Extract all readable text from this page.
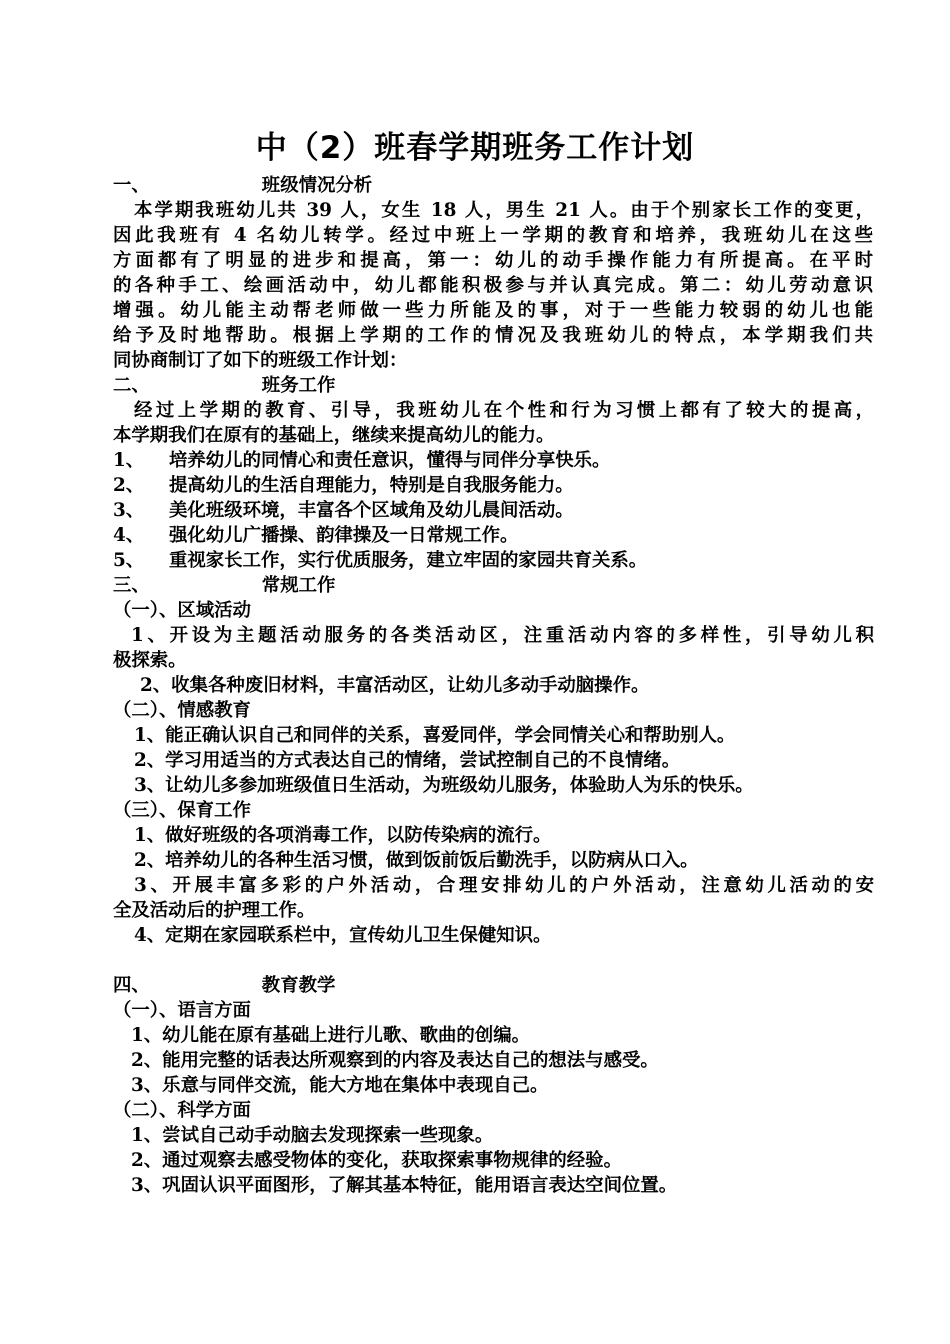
中（2）班春学期班务工作计划
一、	班级情况分析
本学期我班幼儿共 39 人，女生 18 人，男生 21 人。由于个别家长工作的变更，
因此我班有 4 名幼儿转学。经过中班上一学期的教育和培养，我班幼儿在这些
方面都有了明显的进步和提高，第一：幼儿的动手操作能力有所提高。在平时
的各种手工、绘画活动中，幼儿都能积极参与并认真完成。第二：幼儿劳动意识
增强。幼儿能主动帮老师做一些力所能及的事，对于一些能力较弱的幼儿也能
给予及时地帮助。根据上学期的工作的情况及我班幼儿的特点，本学期我们共
同协商制订了如下的班级工作计划：
二、	班务工作
经过上学期的教育、引导，我班幼儿在个性和行为习惯上都有了较大的提高，
本学期我们在原有的基础上，继续来提高幼儿的能力。
1、 培养幼儿的同情心和责任意识，懂得与同伴分享快乐。
2、 提高幼儿的生活自理能力，特别是自我服务能力。
3、 美化班级环境，丰富各个区域角及幼儿晨间活动。
4、 强化幼儿广播操、韵律操及一日常规工作。
5、 重视家长工作，实行优质服务，建立牢固的家园共育关系。
三、	常规工作
（一）、区域活动
1、开设为主题活动服务的各类活动区，注重活动内容的多样性，引导幼儿积
极探索。
2、收集各种废旧材料，丰富活动区，让幼儿多动手动脑操作。
（二）、情感教育
1、能正确认识自己和同伴的关系，喜爱同伴，学会同情关心和帮助别人。
2、学习用适当的方式表达自己的情绪，尝试控制自己的不良情绪。
3、让幼儿多参加班级值日生活动，为班级幼儿服务，体验助人为乐的快乐。
（三）、保育工作
1、做好班级的各项消毒工作，以防传染病的流行。
2、培养幼儿的各种生活习惯，做到饭前饭后勤洗手，以防病从口入。
3、开展丰富多彩的户外活动，合理安排幼儿的户外活动，注意幼儿活动的安
全及活动后的护理工作。
4、定期在家园联系栏中，宣传幼儿卫生保健知识。
四、	教育教学
（一）、语言方面
1、幼儿能在原有基础上进行儿歌、歌曲的创编。
2、能用完整的话表达所观察到的内容及表达自己的想法与感受。
3、乐意与同伴交流，能大方地在集体中表现自己。
（二）、科学方面
1、尝试自己动手动脑去发现探索一些现象。
2、通过观察去感受物体的变化，获取探索事物规律的经验。
3、巩固认识平面图形，了解其基本特征，能用语言表达空间位置。
